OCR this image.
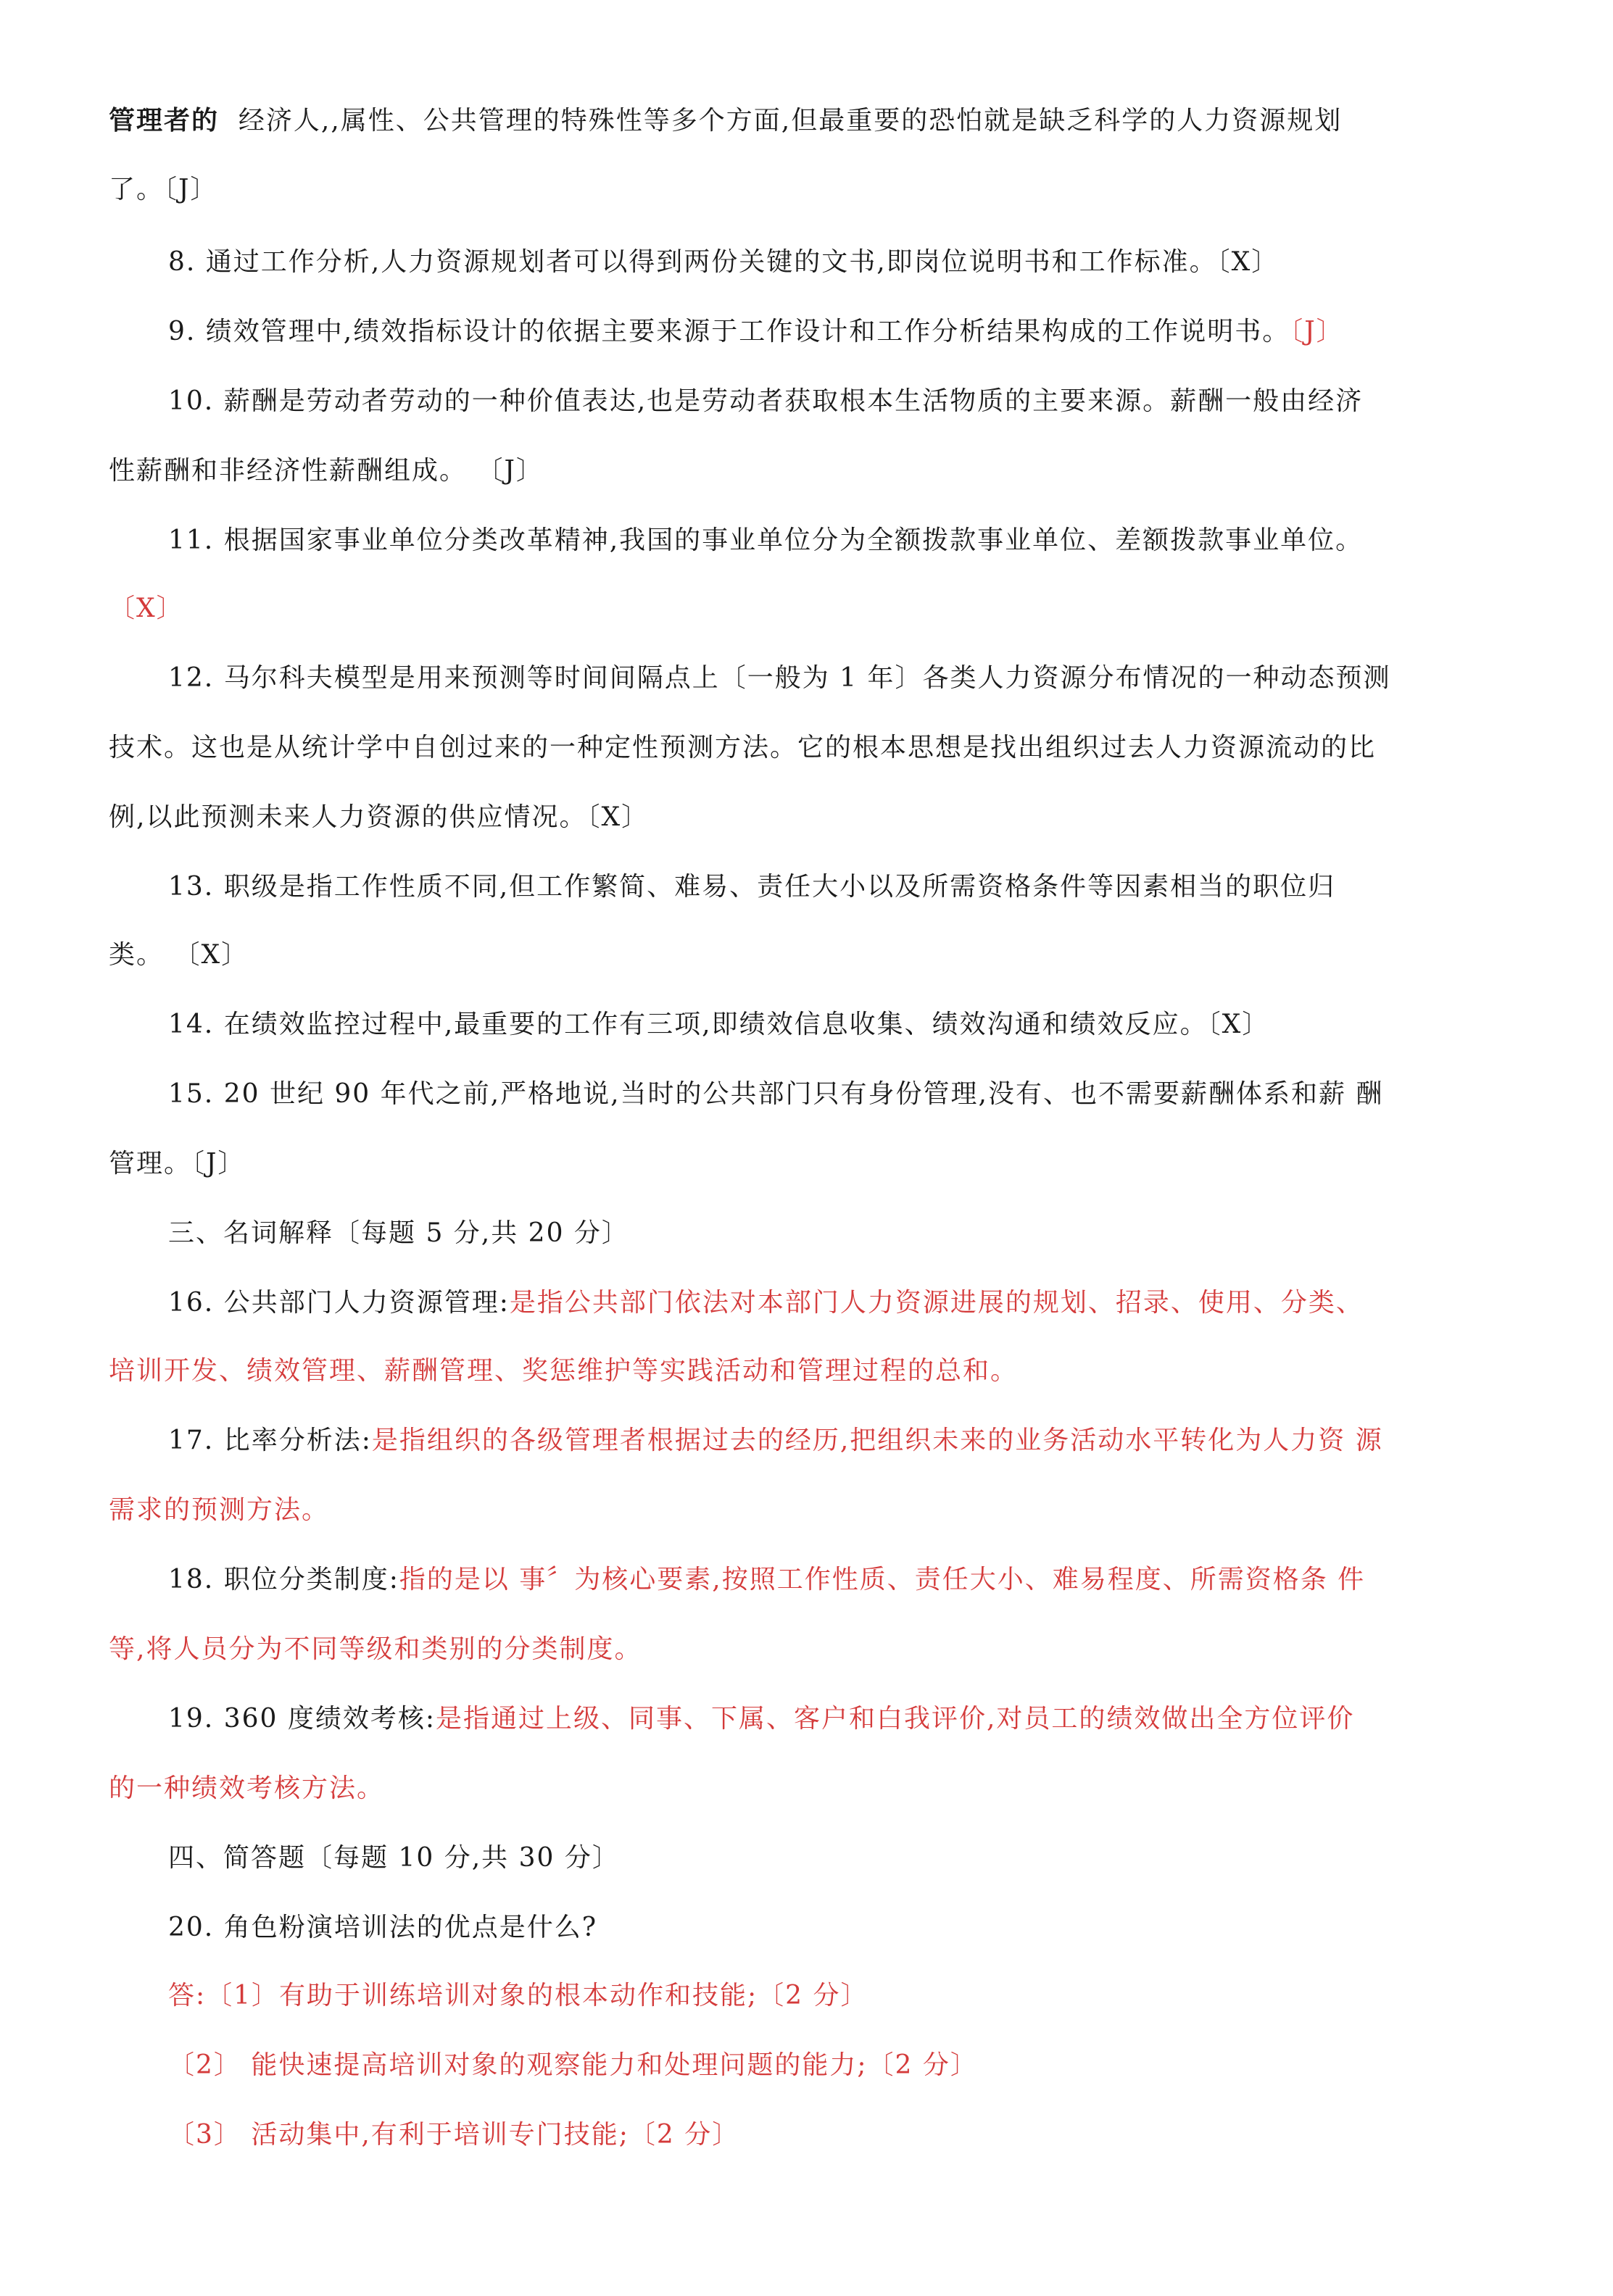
管理者的 经济人,,属性、公共管理的特殊性等多个方面,但最重要的恐怕就是缺乏科学的人力资源规划
了。〔J〕
8. 通过工作分析,人力资源规划者可以得到两份关键的文书,即岗位说明书和工作标准。〔X〕
9. 绩效管理中,绩效指标设计的依据主要来源于工作设计和工作分析结果构成的工作说明书。〔J〕
10. 薪酬是劳动者劳动的一种价值表达,也是劳动者获取根本生活物质的主要来源。薪酬一般由经济
性薪酬和非经济性薪酬组成。 〔J〕
11. 根据国家事业单位分类改革精神,我国的事业单位分为全额拨款事业单位、差额拨款事业单位。
〔X〕
12. 马尔科夫模型是用来预测等时间间隔点上〔一般为 1 年〕各类人力资源分布情况的一种动态预测
技术。这也是从统计学中自创过来的一种定性预测方法。它的根本思想是找出组织过去人力资源流动的比
例,以此预测未来人力资源的供应情况。〔X〕
13. 职级是指工作性质不同,但工作繁简、难易、责任大小以及所需资格条件等因素相当的职位归
类。 〔X〕
14. 在绩效监控过程中,最重要的工作有三项,即绩效信息收集、绩效沟通和绩效反应。〔X〕
15. 20 世纪 90 年代之前,严格地说,当时的公共部门只有身份管理,没有、也不需要薪酬体系和薪 酬
管理。〔J〕
三、名词解释〔每题 5 分,共 20 分〕
16. 公共部门人力资源管理:是指公共部门依法对本部门人力资源进展的规划、招录、使用、分类、
培训开发、绩效管理、薪酬管理、奖惩维护等实践活动和管理过程的总和。
17. 比率分析法:是指组织的各级管理者根据过去的经历,把组织未来的业务活动水平转化为人力资 源
需求的预测方法。
18. 职位分类制度:指的是以 事〞为核心要素,按照工作性质、责任大小、难易程度、所需资格条 件
等,将人员分为不同等级和类别的分类制度。
19. 360 度绩效考核:是指通过上级、同事、下属、客户和白我评价,对员工的绩效做出全方位评价
的一种绩效考核方法。
四、简答题〔每题 10 分,共 30 分〕
20. 角色粉演培训法的优点是什么?
答:〔1〕有助于训练培训对象的根本动作和技能;〔2 分〕
〔2〕 能快速提高培训对象的观察能力和处理问题的能力;〔2 分〕
〔3〕 活动集中,有利于培训专门技能;〔2 分〕
